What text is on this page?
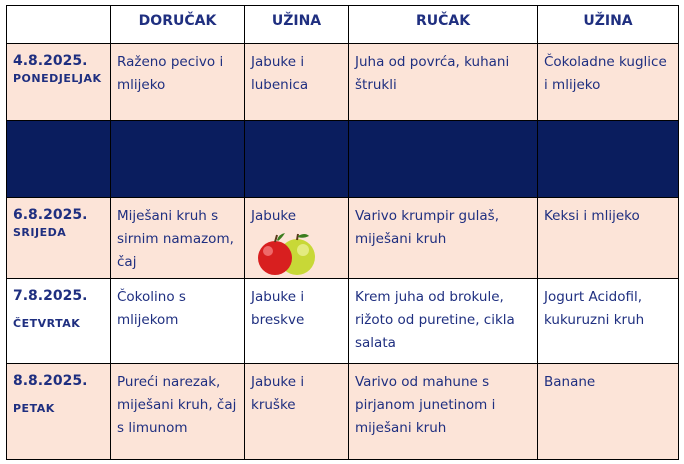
	DORUČAK	UŽINA	RUČAK	UŽINA

4.8.2025.
PONEDJELJAK	Raženo pecivo i mlijeko	Jabuke i lubenica	Juha od povrća, kuhani štrukli	Čokoladne kuglice i mlijeko

6.8.2025.
SRIJEDA	Miješani kruh s sirnim namazom, čaj	Jabuke	Varivo krumpir gulaš, miješani kruh	Keksi i mlijeko

7.8.2025.
ČETVRTAK	Čokolino s mlijekom	Jabuke i breskve	Krem juha od brokule, rižoto od puretine, cikla salata	Jogurt Acidofil, kukuruzni kruh

8.8.2025.
PETAK	Pureći narezak, miješani kruh, čaj s limunom	Jabuke i kruške	Varivo od mahune s pirjanom junetinom i miješani kruh	Banane
